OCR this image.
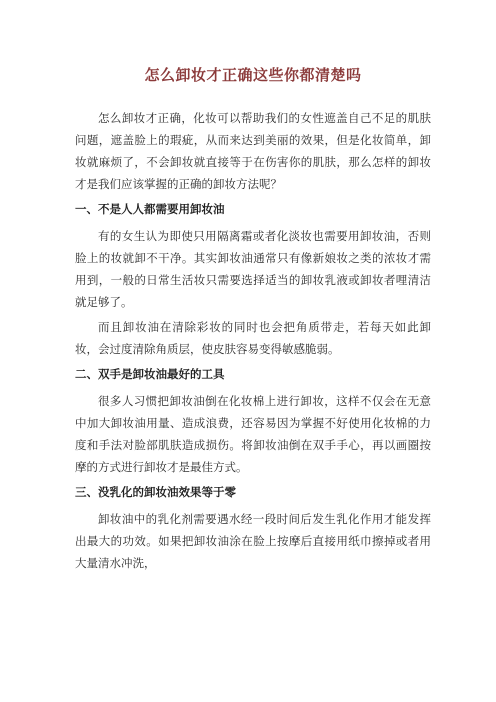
怎么卸妆才正确这些你都清楚吗

怎么卸妆才正确，化妆可以帮助我们的女性遮盖自己不足的肌肤问题，遮盖脸上的瑕疵，从而来达到美丽的效果，但是化妆简单，卸妆就麻烦了，不会卸妆就直接等于在伤害你的肌肤，那么怎样的卸妆才是我们应该掌握的正确的卸妆方法呢？

一、不是人人都需要用卸妆油

有的女生认为即使只用隔离霜或者化淡妆也需要用卸妆油，否则脸上的妆就卸不干净。其实卸妆油通常只有像新娘妆之类的浓妆才需用到，一般的日常生活妆只需要选择适当的卸妆乳液或卸妆者哩清洁就足够了。

而且卸妆油在清除彩妆的同时也会把角质带走，若每天如此卸妆，会过度清除角质层，使皮肤容易变得敏感脆弱。

二、双手是卸妆油最好的工具

很多人习惯把卸妆油倒在化妆棉上进行卸妆，这样不仅会在无意中加大卸妆油用量、造成浪费，还容易因为掌握不好使用化妆棉的力度和手法对脸部肌肤造成损伤。将卸妆油倒在双手手心，再以画圈按摩的方式进行卸妆才是最佳方式。

三、没乳化的卸妆油效果等于零

卸妆油中的乳化剂需要遇水经一段时间后发生乳化作用才能发挥出最大的功效。如果把卸妆油涂在脸上按摩后直接用纸巾擦掉或者用大量清水冲洗，
